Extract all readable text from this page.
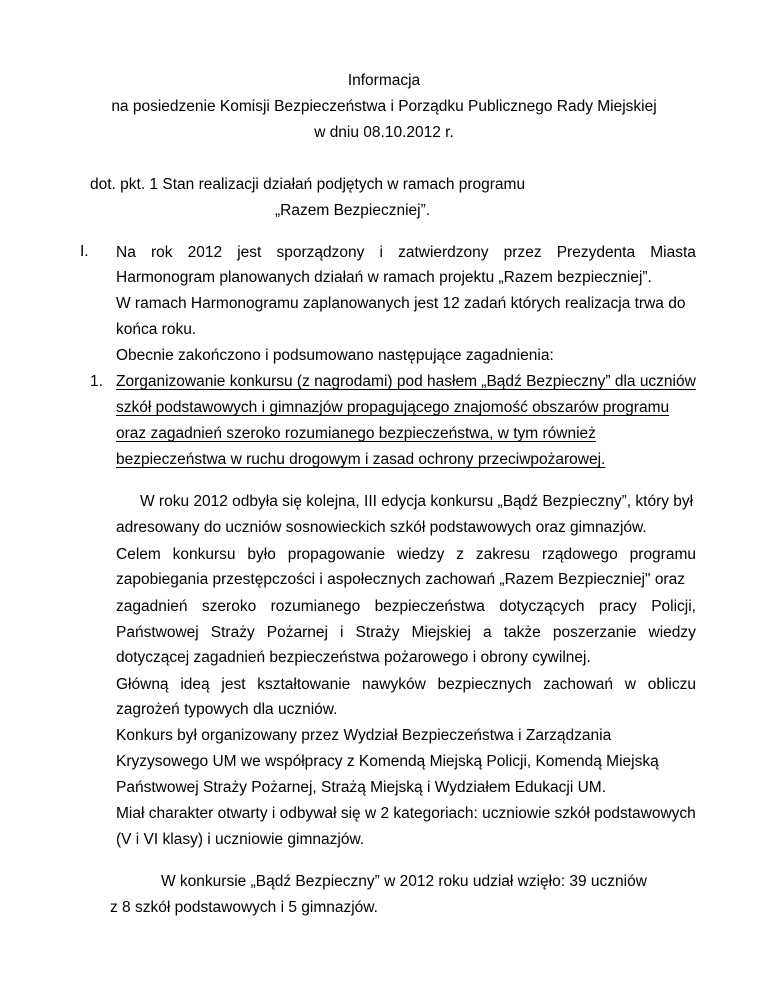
Informacja
na posiedzenie Komisji Bezpieczeństwa i Porządku Publicznego Rady Miejskiej
w dniu 08.10.2012 r.
dot. pkt. 1 Stan realizacji działań podjętych w ramach programu
„Razem Bezpieczniej”.
I. Na rok 2012 jest sporządzony i zatwierdzony przez Prezydenta Miasta
Harmonogram planowanych działań w ramach projektu „Razem bezpieczniej”.
W ramach Harmonogramu zaplanowanych jest 12 zadań których realizacja trwa do
końca roku.
Obecnie zakończono i podsumowano następujące zagadnienia:
1. Zorganizowanie konkursu (z nagrodami) pod hasłem „Bądź Bezpieczny” dla uczniów
szkół podstawowych i gimnazjów propagującego znajomość obszarów programu
oraz zagadnień szeroko rozumianego bezpieczeństwa, w tym również
bezpieczeństwa w ruchu drogowym i zasad ochrony przeciwpożarowej.
W roku 2012 odbyła się kolejna, III edycja konkursu „Bądź Bezpieczny”, który był
adresowany do uczniów sosnowieckich szkół podstawowych oraz gimnazjów.
Celem konkursu było propagowanie wiedzy z zakresu rządowego programu
zapobiegania przestępczości i aspołecznych zachowań „Razem Bezpieczniej" oraz
zagadnień szeroko rozumianego bezpieczeństwa dotyczących pracy Policji,
Państwowej Straży Pożarnej i Straży Miejskiej a także poszerzanie wiedzy
dotyczącej zagadnień bezpieczeństwa pożarowego i obrony cywilnej.
Główną ideą jest kształtowanie nawyków bezpiecznych zachowań w obliczu
zagrożeń typowych dla uczniów.
Konkurs był organizowany przez Wydział Bezpieczeństwa i Zarządzania
Kryzysowego UM we współpracy z Komendą Miejską Policji, Komendą Miejską
Państwowej Straży Pożarnej, Strażą Miejską i Wydziałem Edukacji UM.
Miał charakter otwarty i odbywał się w 2 kategoriach: uczniowie szkół podstawowych
(V i VI klasy) i uczniowie gimnazjów.
W konkursie „Bądź Bezpieczny” w 2012 roku udział wzięło: 39 uczniów
z 8 szkół podstawowych i 5 gimnazjów.
